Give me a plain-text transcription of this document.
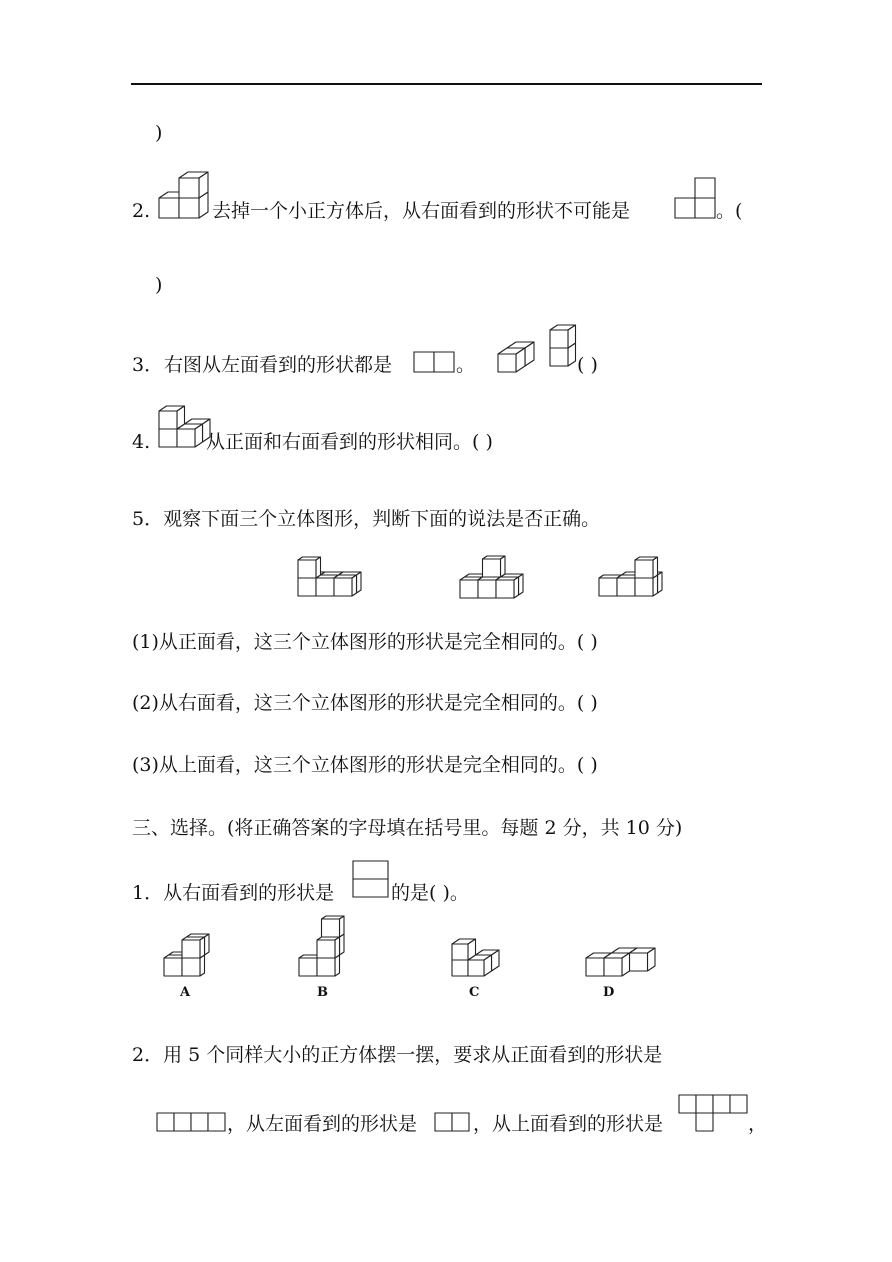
)
2.	去掉一个小正方体后，从右面看到的形状不可能是	。(
)
3． 右图从左面看到的形状都是	。	( )
4.	从正面和右面看到的形状相同。( )
5．观察下面三个立体图形，判断下面的说法是否正确。
(1)从正面看，这三个立体图形的形状是完全相同的。( )
(2)从右面看，这三个立体图形的形状是完全相同的。( )
(3)从上面看，这三个立体图形的形状是完全相同的。( )
三、选择。(将正确答案的字母填在括号里。每题 2 分，共 10 分)
1．从右面看到的形状是	的是( )。
A	B	C	D
2．用 5 个同样大小的正方体摆一摆，要求从正面看到的形状是
，从左面看到的形状是	，从上面看到的形状是	，
